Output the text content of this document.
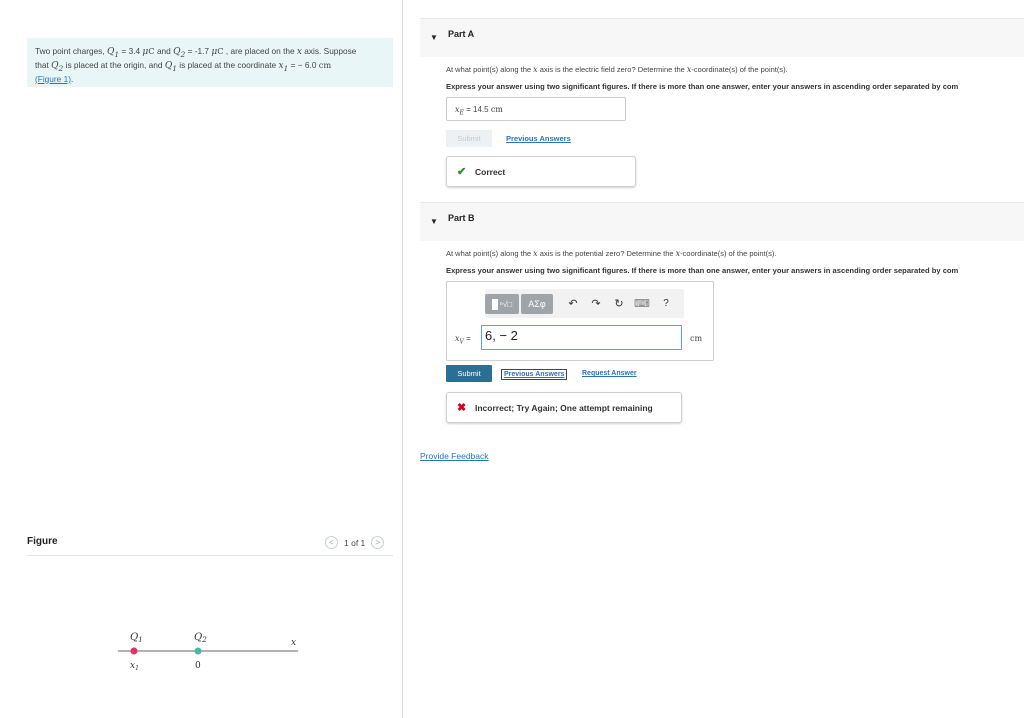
Two point charges, $Q_1 = 3.4$ μC and $Q_2 = -1.7$ μC , are placed on the x axis. Suppose
that $Q_2$ is placed at the origin, and $Q_1$ is placed at the coordinate $x_1$ = − 6.0 cm
(Figure 1).
Figure	<	1 of 1	>
$Q_1$	$Q_2$	x
$x_1$	0
▼ Part A
At what point(s) along the x axis is the electric field zero? Determine the x-coordinate(s) of the point(s).
Express your answer using two significant figures. If there is more than one answer, enter your answers in ascending order separated by com
$x_E = 14.5$ cm
Submit	Previous Answers
✔ Correct
▼ Part B
At what point(s) along the x axis is the potential zero? Determine the x-coordinate(s) of the point(s).
Express your answer using two significant figures. If there is more than one answer, enter your answers in ascending order separated by com
ⁿ√□	ΑΣφ	↶	↷	↻ ⌨	?
$x_V$ =	6, − 2	cm
Submit	Previous Answers	Request Answer
✖ Incorrect; Try Again; One attempt remaining
Provide Feedback
